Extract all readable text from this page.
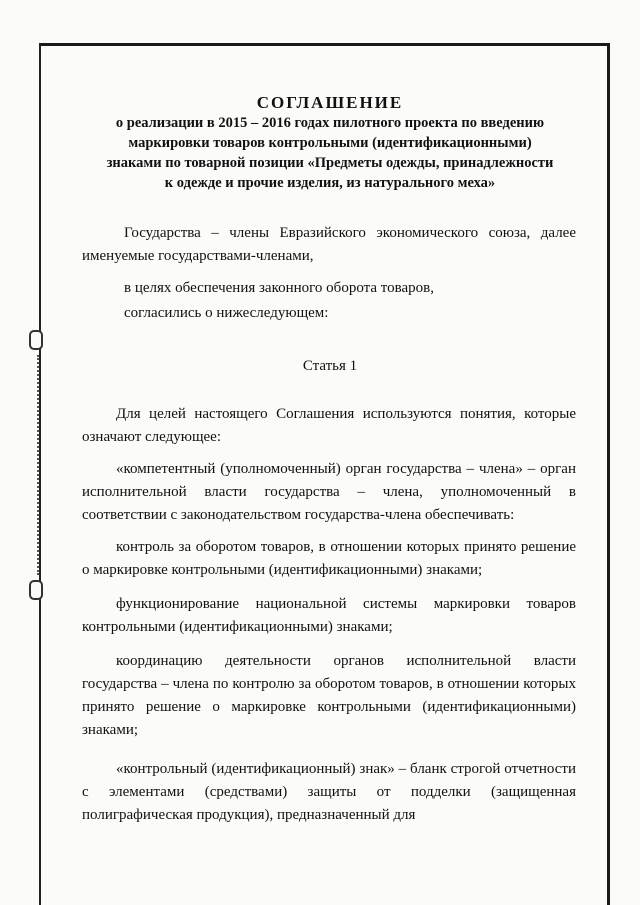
СОГЛАШЕНИЕ

о реализации в 2015 – 2016 годах пилотного проекта по введению

маркировки товаров контрольными (идентификационными)

знаками по товарной позиции «Предметы одежды, принадлежности

к одежде и прочие изделия, из натурального меха»

Государства – члены Евразийского экономического союза, далее именуемые государствами-членами,

в целях обеспечения законного оборота товаров,

согласились о нижеследующем:

Статья 1

Для целей настоящего Соглашения используются понятия, которые означают следующее:

«компетентный (уполномоченный) орган государства – члена» – орган исполнительной власти государства – члена, уполномоченный в соответствии с законодательством государства-члена обеспечивать:

контроль за оборотом товаров, в отношении которых принято решение о маркировке контрольными (идентификационными) знаками;

функционирование национальной системы маркировки товаров контрольными (идентификационными) знаками;

координацию деятельности органов исполнительной власти государства – члена по контролю за оборотом товаров, в отношении которых принято решение о маркировке контрольными (идентификационными) знаками;

«контрольный (идентификационный) знак» – бланк строгой отчетности с элементами (средствами) защиты от подделки (защищенная полиграфическая продукция), предназначенный для
